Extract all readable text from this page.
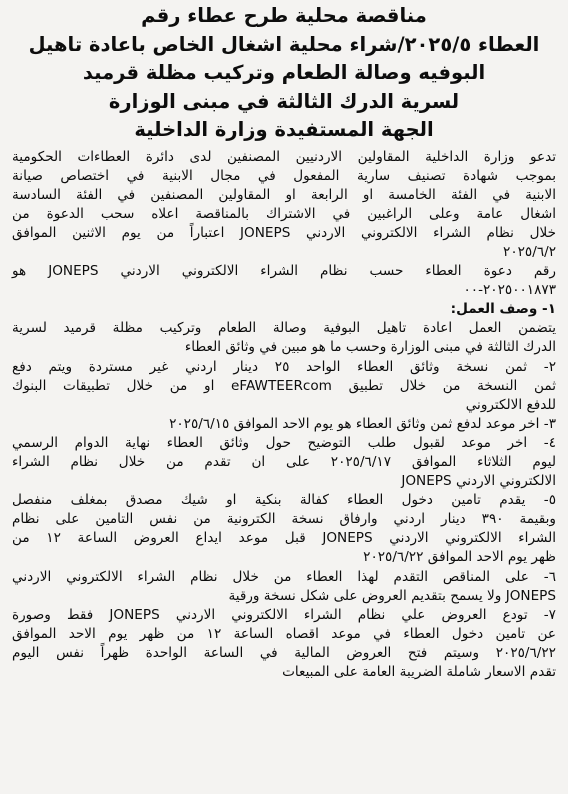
مناقصة محلية طرح عطاء رقم
العطاء ٢٠٢٥/٥/شراء محلية اشغال الخاص باعادة تاهيل
البوفيه وصالة الطعام وتركيب مظلة قرميد
لسرية الدرك الثالثة في مبنى الوزارة
الجهة المستفيدة وزارة الداخلية
تدعو وزارة الداخلية المقاولين الاردنيين المصنفين لدى دائرة العطاءات الحكومية
بموجب شهادة تصنيف سارية المفعول في مجال الابنية في اختصاص صيانة
الابنية في الفئة الخامسة او الرابعة او المقاولين المصنفين في الفئة السادسة
اشغال عامة وعلى الراغبين في الاشتراك بالمناقصة اعلاه سحب الدعوة من
خلال نظام الشراء الالكتروني الاردني JONEPS اعتباراً من يوم الاثنين الموافق
٢٠٢٥/٦/٢
رقم دعوة العطاء حسب نظام الشراء الالكتروني الاردني JONEPS هو
٢٠٢٥٠٠١٨٧٣-٠٠
١- وصف العمل:
يتضمن العمل اعادة تاهيل البوفية وصالة الطعام وتركيب مظلة قرميد لسرية
الدرك الثالثة في مبنى الوزارة وحسب ما هو مبين في وثائق العطاء
٢- ثمن نسخة وثائق العطاء الواحد ٢٥ دينار اردني غير مستردة ويتم دفع
ثمن النسخة من خلال تطبيق eFAWTEERcom او من خلال تطبيقات البنوك
للدفع الالكتروني
٣- اخر موعد لدفع ثمن وثائق العطاء هو يوم الاحد الموافق ٢٠٢٥/٦/١٥
٤- اخر موعد لقبول طلب التوضيح حول وثائق العطاء نهاية الدوام الرسمي
ليوم الثلاثاء الموافق ٢٠٢٥/٦/١٧ على ان تقدم من خلال نظام الشراء
الالكتروني الاردني JONEPS
٥- يقدم تامين دخول العطاء كفالة بنكية او شيك مصدق بمغلف منفصل
وبقيمة ٣٩٠ دينار اردني وارفاق نسخة الكترونية من نفس التامين على نظام
الشراء الالكتروني الاردني JONEPS قبل موعد ايداع العروض الساعة ١٢ من
ظهر يوم الاحد الموافق ٢٠٢٥/٦/٢٢
٦- على المناقص التقدم لهذا العطاء من خلال نظام الشراء الالكتروني الاردني
JONEPS ولا يسمح بتقديم العروض على شكل نسخة ورقية
٧- تودع العروض علي نظام الشراء الالكتروني الاردني JONEPS فقط وصورة
عن تامين دخول العطاء في موعد اقصاه الساعة ١٢ من ظهر يوم الاحد الموافق
٢٠٢٥/٦/٢٢ وسيتم فتح العروض المالية في الساعة الواحدة ظهراً نفس اليوم
تقدم الاسعار شاملة الضريبة العامة على المبيعات
